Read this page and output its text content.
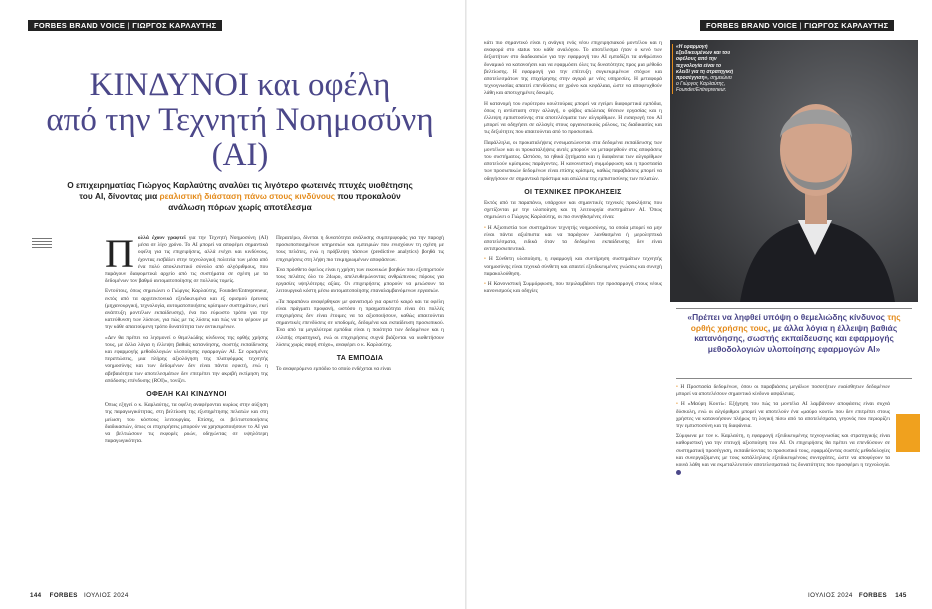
FORBES BRAND VOICE | ΓΙΩΡΓΟΣ ΚΑΡΛΑΥΤΗΣ
ΚΙΝΔΥΝΟΙ και οφέλη
από την Τεχνητή Νοημοσύνη (AI)
Ο επιχειρηματίας Γιώργος Καρλαύτης αναλύει τις λιγότερο φωτεινές πτυχές υιοθέτησης του AI, δίνοντας μια ρεαλιστική διάσταση πάνω στους κινδύνους που προκαλούν ανάλωση πόρων χωρίς αποτέλεσμα

Πολλά έχουν γραφτεί για την Τεχνητή Νοημοσύνη (AI) μέσα σε λίγο χρόνο. Το AI μπορεί να αποφέρει σημαντικά οφέλη για τις επιχειρήσεις, αλλά ενέχει και κινδύνους, έχοντας εισβάλει στην τεχνολογική πολιτεία των μέσα από ένα πολύ αποκλειστικό σύνολο από αλγόριθμους, που παράγουν διαφορετικά αρχείο από τις συστήματα σε σχέση με τα δεδομένων τον βαθμό αυτοματοποίησης σε πολλούς τομείς.

Εντούτοις, όπως σημειώνει ο Γιώργος Καρλαύτης, Founder/Entrepreneur, εκτός από τα αρχιτεκτονικά εξειδικευμένα και εξ ορισμού έρευνας (μηχανουργική, τεχνολογία, αυτοματοποιήσεις κρίσιμων συστημάτων, εκεί ανάπτυξη μοντέλων εκπαίδευσης), ένα πιο εύρωστο τρόπο για την κατεύθυνση των λύσεων, για πώς με τις λύσεις και πώς να το φέρουν με την κάθε απαιτούμενη τρόπο δυνατότητα των αντικειμένων.

«Δεν θα πρέπει να λησμονεί ο θεμελιώδης κίνδυνος της ορθής χρήσης τους, με άλλα λόγια η έλλειψη βαθιάς κατανόησης, σωστής εκπαίδευσης και εφαρμογής μεθοδολογιών υλοποίησης εφαρμογών AI. Σε ορισμένες περιπτώσεις, μια πλήρης αξιολόγηση της πλατφόρμας τεχνητής νοημοσύνης και των δεδομένων δεν είναι πάντα εφικτή, ενώ η αβεβαιότητα των αποτελεσμάτων δεν επιτρέπει την ακριβή εκτίμηση της απόδοσης επένδυσης (ROI)», τονίζει.

ΟΦΕΛΗ ΚΑΙ ΚΙΝΔΥΝΟΙ

Όπως εξηγεί ο κ. Καρλαύτης, τα οφέλη αναφέρονται κυρίως στην αύξηση της παραγωγικότητας, στη βελτίωση της εξυπηρέτησης πελατών και στη μείωση του κόστους λειτουργίας. Επίσης, οι βελτιστοποιήσεις διαδικασιών, όπως οι επιχειρήσεις μπορούν να χρησιμοποιήσουν το AI για να βελτιώσουν τις εκφορές ροών, οδηγώντας σε υψηλότερη παραγωγικότητα.

Περαιτέρω, δίνεται η δυνατότητα ανάλυσης συμπεριφοράς για την παροχή προσωποποιημένων υπηρεσιών και εμπειριών που ενισχύουν τη σχέση με τους πελάτες, ενώ η πρόβλεψη τάσεων (predictive analytics) βοηθά τις επιχειρήσεις στη λήψη πιο τεκμηριωμένων αποφάσεων.

Ένα πρόσθετο όφελος είναι η χρήση των εικονικών βοηθών που εξυπηρετούν τους πελάτες όλο το 24ωρο, απελευθερώνοντας ανθρώπινους πόρους για εργασίες υψηλότερης αξίας. Οι επιχειρήσεις μπορούν να μειώσουν τα λειτουργικά κόστη μέσω αυτοματοποίησης επαναλαμβανόμενων εργασιών.

«Τα παραπάνω αναφέρθηκαν με φανατισμό για αρκετό καιρό και τα οφέλη είναι πράγματι προφανή, ωστόσο η πραγματικότητα είναι ότι πολλές επιχειρήσεις δεν είναι έτοιμες να τα αξιοποιήσουν, καθώς απαιτούνται σημαντικές επενδύσεις σε υποδομές, δεδομένα και εκπαίδευση προσωπικού. Ένα από τα μεγαλύτερα εμπόδια είναι η ποιότητα των δεδομένων και η ελλιπής στρατηγική, ενώ οι επιχειρήσεις συχνά βιάζονται να υιοθετήσουν λύσεις χωρίς σαφή στόχο», αναφέρει ο κ. Καρλαύτης.

ΤΑ ΕΜΠΟΔΙΑ

Το αναφερόμενο εμπόδιο το οποίο ενδέχεται να είναι

144 FORBES ΙΟΥΛΙΟΣ 2024
FORBES BRAND VOICE | ΓΙΩΡΓΟΣ ΚΑΡΛΑΥΤΗΣ

κάτι πιο σημαντικό είναι η ανάγκη ενός νέου επιχειρησιακού μοντέλου και η αναφορά στο status του κάθε αναλόγου. Το αποτέλεσμα ήταν ο κενό των δεξιοτήτων στο διαδικασιών για την εφαρμογή του AI εμποδίζει τα ανθρώπινο δυναμικό να κατανοήσει και να εφαρμόσει όλες τις δυνατότητες προς μια μέθοδο βελτίωσης. Η εφαρμογή για την επίτευξη συγκεκριμένων στόχων και αποτελεσμάτων της επιχείρησης στην αγορά με νέες υπηρεσίες. Η μεταφορά τεχνογνωσίας απαιτεί επενδύσεις σε χρόνο και κεφάλαια, ώστε να αποφευχθούν λάθη και αποτυχημένες δοκιμές.

Η κατανομή του ευρύτερου κουλτούρας μπορεί να εγείρει διαφορετικά εμπόδια, όπως η αντίσταση στην αλλαγή, ο φόβος απώλειας θέσεων εργασίας και η έλλειψη εμπιστοσύνης στα αποτελέσματα των αλγορίθμων. Η εισαγωγή του AI μπορεί να οδηγήσει σε αλλαγές στους οργανωτικούς ρόλους, τις διαδικασίες και τις δεξιότητες που απαιτούνται από το προσωπικό.

Παράλληλα, οι προκαταλήψεις ενσωματώνονται στα δεδομένα εκπαίδευσης των μοντέλων και οι προκαταλήψεις αυτές μπορούν να μεταφερθούν στις αποφάσεις του συστήματος. Ωστόσο, τα ηθικά ζητήματα και η διαφάνεια των αλγορίθμων αποτελούν κρίσιμους παράγοντες. Η κανονιστική συμμόρφωση και η προστασία των προσωπικών δεδομένων είναι επίσης κρίσιμες, καθώς παραβιάσεις μπορεί να οδηγήσουν σε σημαντικά πρόστιμα και απώλεια της εμπιστοσύνης των πελατών.

ΟΙ ΤΕΧΝΙΚΕΣ ΠΡΟΚΛΗΣΕΙΣ

Εκτός από τα παραπάνω, υπάρχουν και σημαντικές τεχνικές προκλήσεις που σχετίζονται με την υλοποίηση και τη λειτουργία συστημάτων AI. Όπως σημειώνει ο Γιώργος Καρλαύτης, οι πιο συνηθισμένες είναι:

• Η Αξιοπιστία των συστημάτων τεχνητής νοημοσύνης, τα οποία μπορεί να μην είναι πάντα αξιόπιστα και να παράγουν λανθασμένα ή μεροληπτικά αποτελέσματα, ειδικά όταν τα δεδομένα εκπαίδευσης δεν είναι αντιπροσωπευτικά.

• Η Σύνθετη υλοποίηση, η εφαρμογή και συντήρηση συστημάτων τεχνητής νοημοσύνης είναι τεχνικά σύνθετη και απαιτεί εξειδικευμένες γνώσεις και συνεχή παρακολούθηση.

• Η Κανονιστική Συμμόρφωση, που περιλαμβάνει την προσαρμογή στους νέους κανονισμούς και οδηγίες

«Η εφαρμογή εξειδικευμένων και του οφέλους από την τεχνολογία είναι το κλειδί για τη στρατηγική προσέγγιση», σημειώνει ο Γιώργος Καρλαύτης, Founder/Entrepreneur.
«Πρέπει να ληφθεί υπόψη ο θεμελιώδης κίνδυνος της ορθής χρήσης τους, με άλλα λόγια η έλλειψη βαθιάς κατανόησης, σωστής εκπαίδευσης και εφαρμογής μεθοδολογιών υλοποίησης εφαρμογών AI»

• Η Προστασία δεδομένων, όπου οι παραβιάσεις μεγάλων ποσοτήτων ευαίσθητων δεδομένων μπορεί να αποτελέσουν σημαντικό κίνδυνο ασφάλειας.

• Η «Μαύρη Κουτί»: Εξήγηση του πώς τα μοντέλα AI λαμβάνουν αποφάσεις είναι συχνά δύσκολη, ενώ οι αλγόριθμοι μπορεί να αποτελούν ένα «μαύρο κουτί» που δεν επιτρέπει στους χρήστες να κατανοήσουν πλήρως τη λογική πίσω από τα αποτελέσματα, γεγονός που περιορίζει την εμπιστοσύνη και τη διαφάνεια.

Σύμφωνα με τον κ. Καρλαύτη, η εφαρμογή εξειδικευμένης τεχνογνωσίας και στρατηγικής είναι καθοριστική για την επιτυχή αξιοποίηση του AI. Οι επιχειρήσεις θα πρέπει να επενδύσουν σε συστηματική προσέγγιση, εκπαιδεύοντας το προσωπικό τους, εφαρμόζοντας σωστές μεθοδολογίες και συνεργαζόμενες με τους κατάλληλους εξειδικευμένους συνεργάτες, ώστε να αποφύγουν τα κοινά λάθη και να εκμεταλλευτούν αποτελεσματικά τις δυνατότητες που προσφέρει η τεχνολογία.

ΙΟΥΛΙΟΣ 2024 FORBES 145
